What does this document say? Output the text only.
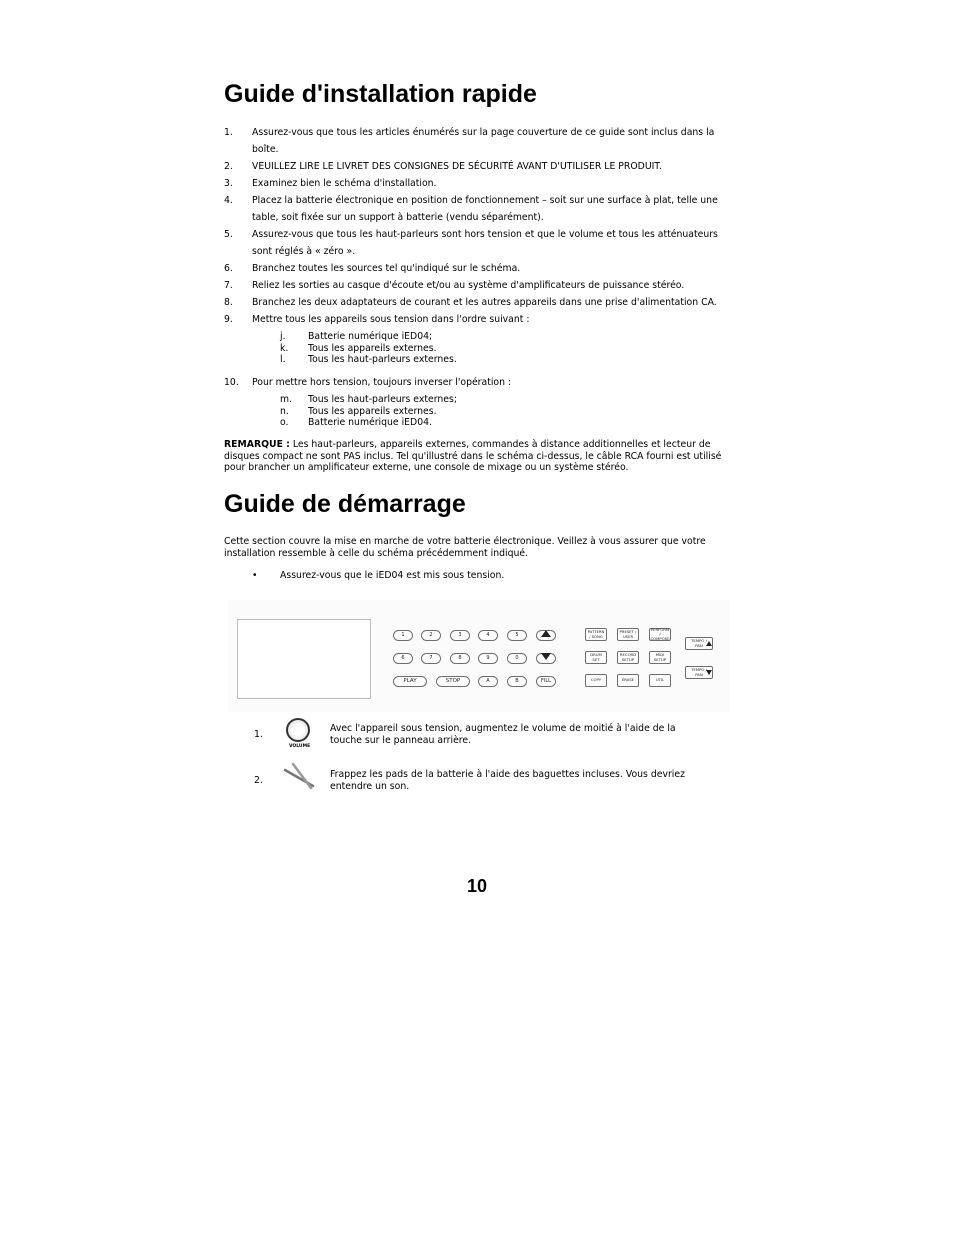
Guide d'installation rapide
1. Assurez-vous que tous les articles énumérés sur la page couverture de ce guide sont inclus dans la boîte.
2. VEUILLEZ LIRE LE LIVRET DES CONSIGNES DE SÉCURITÉ AVANT D'UTILISER LE PRODUIT.
3. Examinez bien le schéma d'installation.
4. Placez la batterie électronique en position de fonctionnement – soit sur une surface à plat, telle une table, soit fixée sur un support à batterie (vendu séparément).
5. Assurez-vous que tous les haut-parleurs sont hors tension et que le volume et tous les atténuateurs sont réglés à « zéro ».
6. Branchez toutes les sources tel qu'indiqué sur le schéma.
7. Reliez les sorties au casque d'écoute et/ou au système d'amplificateurs de puissance stéréo.
8. Branchez les deux adaptateurs de courant et les autres appareils dans une prise d'alimentation CA.
9. Mettre tous les appareils sous tension dans l'ordre suivant :
j. Batterie numérique iED04;
k. Tous les appareils externes.
l. Tous les haut-parleurs externes.
10. Pour mettre hors tension, toujours inverser l'opération :
m. Tous les haut-parleurs externes;
n. Tous les appareils externes.
o. Batterie numérique iED04.
REMARQUE : Les haut-parleurs, appareils externes, commandes à distance additionnelles et lecteur de disques compact ne sont PAS inclus. Tel qu'illustré dans le schéma ci-dessus, le câble RCA fourni est utilisé pour brancher un amplificateur externe, une console de mixage ou un système stéréo.
Guide de démarrage
Cette section couvre la mise en marche de votre batterie électronique. Veillez à vous assurer que votre installation ressemble à celle du schéma précédemment indiqué.
• Assurez-vous que le iED04 est mis sous tension.
1	2	3	4	5
6	7	8	9	0
PLAY	STOP	A	B	FILL
PATTERN / SONG
PRESET / USER
PERFORM / COMPOSE
DRUM SET
RECORD SETUP
MIDI SETUP
COPY	ERASE	UTIL
TEMPO / PAN
TEMPO / PAN
1.
VOLUME
Avec l'appareil sous tension, augmentez le volume de moitié à l'aide de la touche sur le panneau arrière.
2.
Frappez les pads de la batterie à l'aide des baguettes incluses. Vous devriez entendre un son.
10
